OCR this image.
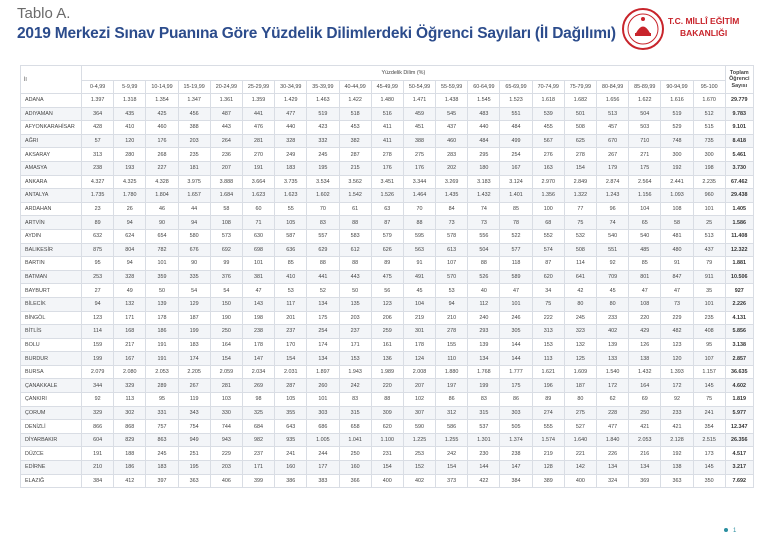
Tablo A.
2019 Merkezi Sınav Puanına Göre Yüzdelik Dilimlerdeki Öğrenci Sayıları (İl Dağılımı)
T.C. MİLLÎ EĞİTİM
BAKANLIĞI
İl	Yüzdelik Dilim (%)																				Toplam Öğrenci Sayısı
	0-4,99	5-9,99	10-14,99	15-19,99	20-24,99	25-29,99	30-34,99	35-39,99	40-44,99	45-49,99	50-54,99	55-59,99	60-64,99	65-69,99	70-74,99	75-79,99	80-84,99	85-89,99	90-94,99	95-100	
ADANA	1.397	1.318	1.354	1.347	1.361	1.359	1.429	1.463	1.422	1.480	1.471	1.438	1.545	1.523	1.618	1.682	1.656	1.622	1.616	1.670	29.779
ADIYAMAN	364	435	425	456	487	441	477	519	518	516	459	545	483	551	539	501	513	504	519	512	9.783
AFYONKARAHİSAR	428	410	460	388	443	476	440	423	453	411	451	437	440	484	455	508	457	503	529	515	9.101
AĞRI	57	120	176	203	264	281	328	332	382	411	388	460	484	499	567	625	670	710	748	735	8.418
AKSARAY	313	280	268	235	236	270	249	245	287	278	275	283	295	254	276	278	267	271	300	300	5.461
AMASYA	238	193	227	181	207	191	183	195	215	176	176	202	180	167	163	154	179	175	192	198	3.730
ANKARA	4.327	4.325	4.328	3.975	3.888	3.664	3.735	3.534	3.562	3.451	3.344	3.269	3.183	3.124	2.970	2.849	2.874	2.564	2.441	2.235	67.462
ANTALYA	1.735	1.780	1.804	1.657	1.684	1.623	1.623	1.602	1.542	1.526	1.464	1.435	1.432	1.401	1.356	1.322	1.243	1.156	1.093	960	29.438
ARDAHAN	23	26	46	44	58	60	55	70	61	63	70	84	74	85	100	77	96	104	108	101	1.405
ARTVİN	89	94	90	94	108	71	105	83	88	87	88	73	73	78	68	75	74	65	58	25	1.586
AYDIN	632	624	654	580	573	630	587	557	583	579	595	578	556	522	552	532	540	540	481	513	11.408
BALIKESİR	875	804	782	676	692	698	636	629	612	626	563	613	504	577	574	508	551	485	480	437	12.322
BARTIN	95	94	101	90	99	101	85	88	88	89	91	107	88	118	87	114	92	85	91	79	1.881
BATMAN	253	328	359	335	376	381	410	441	443	475	491	570	526	589	620	641	709	801	847	911	10.506
BAYBURT	27	49	50	54	54	47	53	52	50	56	45	53	40	47	34	42	45	47	47	35	927
BİLECİK	94	132	139	129	150	143	117	134	135	123	104	94	112	101	75	80	80	108	73	101	2.226
BİNGÖL	123	171	178	187	190	198	201	175	203	206	219	210	240	246	222	245	233	220	229	235	4.131
BİTLİS	114	168	186	199	250	238	237	254	237	259	301	278	293	305	313	323	402	429	482	408	5.856
BOLU	159	217	191	183	164	178	170	174	171	161	178	155	139	144	153	132	139	126	123	95	3.138
BURDUR	199	167	191	174	154	147	154	134	153	136	124	110	134	144	113	125	133	138	120	107	2.857
BURSA	2.079	2.080	2.053	2.205	2.059	2.034	2.031	1.897	1.943	1.989	2.008	1.880	1.768	1.777	1.621	1.609	1.540	1.432	1.393	1.157	36.635
ÇANAKKALE	344	329	289	267	281	269	287	260	242	220	207	197	199	175	196	187	172	164	172	145	4.602
ÇANKIRI	92	113	95	119	103	98	105	101	83	88	102	86	83	86	89	80	62	69	92	75	1.819
ÇORUM	329	302	331	343	330	325	355	303	315	309	307	312	315	303	274	275	228	250	233	241	5.977
DENİZLİ	866	868	757	754	744	684	643	686	658	620	590	586	537	505	555	527	477	421	421	354	12.347
DİYARBAKIR	604	829	863	949	943	982	935	1.005	1.041	1.100	1.225	1.255	1.301	1.374	1.574	1.640	1.840	2.053	2.128	2.515	26.356
DÜZCE	191	188	245	251	229	237	241	244	250	231	253	242	230	238	219	221	226	216	192	173	4.517
EDİRNE	210	186	183	195	203	171	160	177	160	154	152	154	144	147	128	142	134	134	138	145	3.217
ELAZIĞ	384	412	397	363	406	399	386	383	366	400	402	373	422	384	389	400	324	369	363	350	7.692
1
